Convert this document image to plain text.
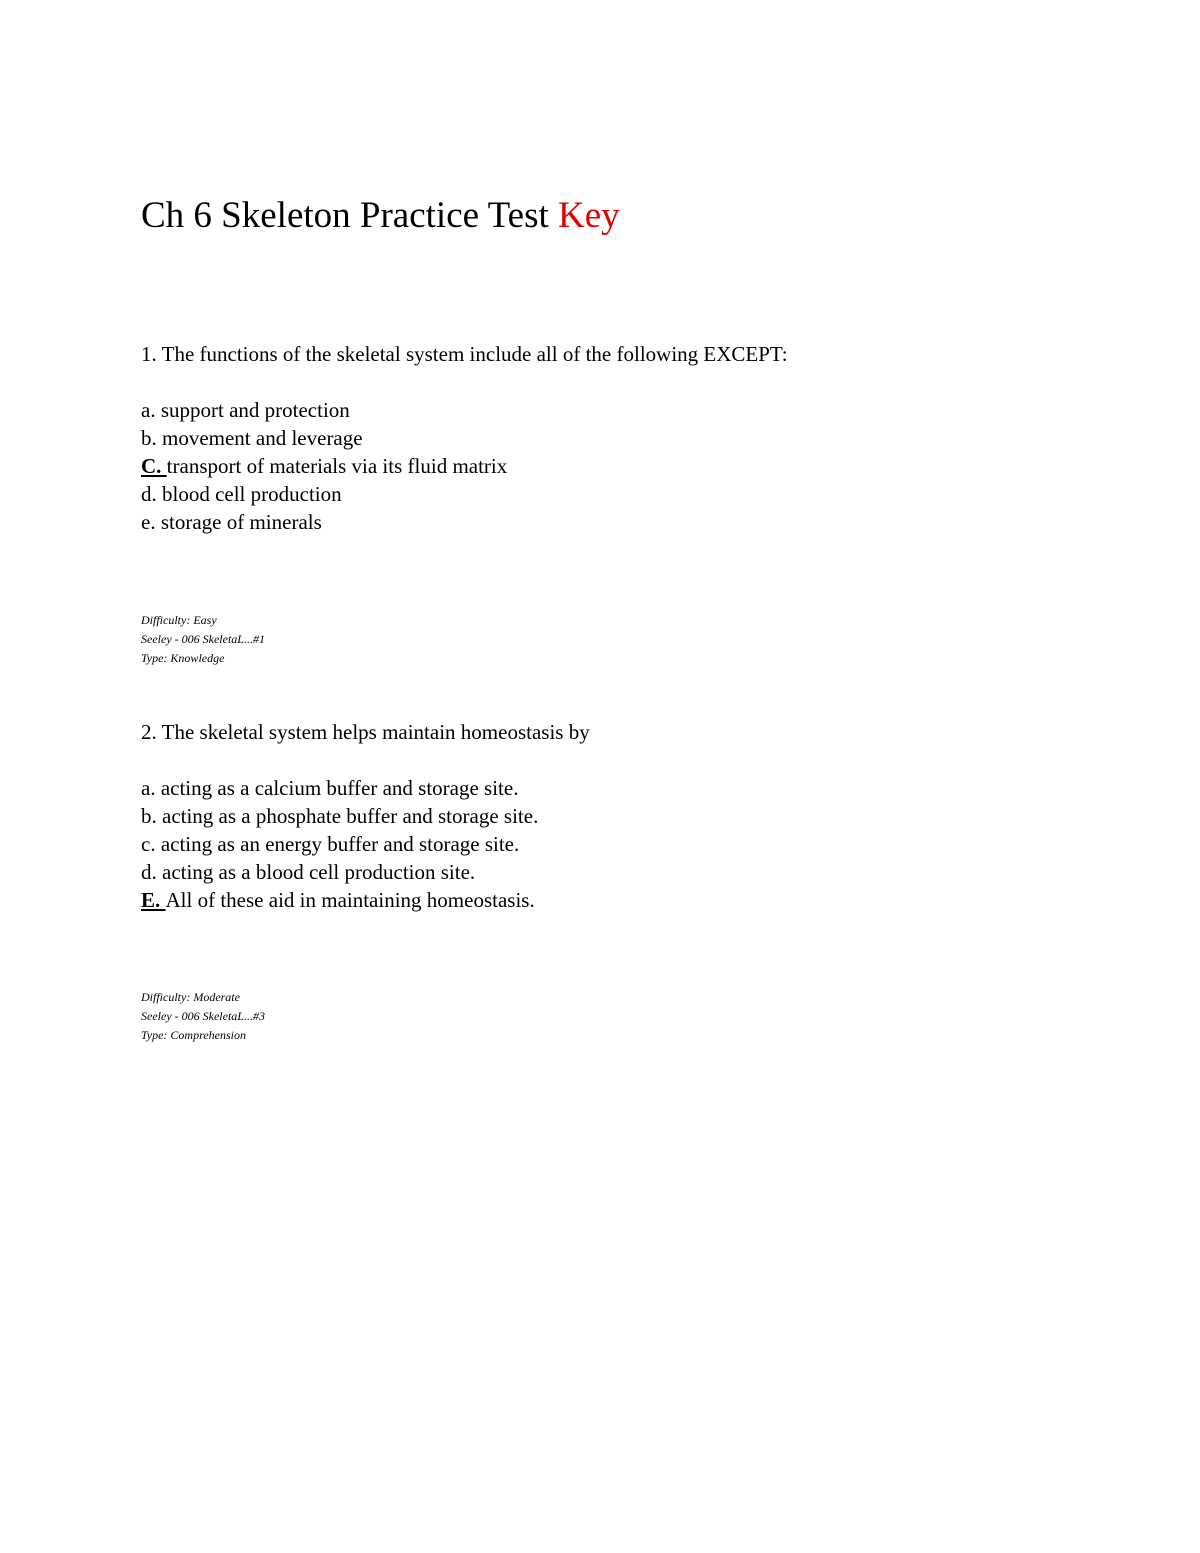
Ch 6 Skeleton Practice Test Key
1. The functions of the skeletal system include all of the following EXCEPT:
a. support and protection
b. movement and leverage
C. transport of materials via its fluid matrix
d. blood cell production
e. storage of minerals
Difficulty: Easy
Seeley - 006 SkeletaL...#1
Type: Knowledge
2. The skeletal system helps maintain homeostasis by
a. acting as a calcium buffer and storage site.
b. acting as a phosphate buffer and storage site.
c. acting as an energy buffer and storage site.
d. acting as a blood cell production site.
E. All of these aid in maintaining homeostasis.
Difficulty: Moderate
Seeley - 006 SkeletaL...#3
Type: Comprehension
